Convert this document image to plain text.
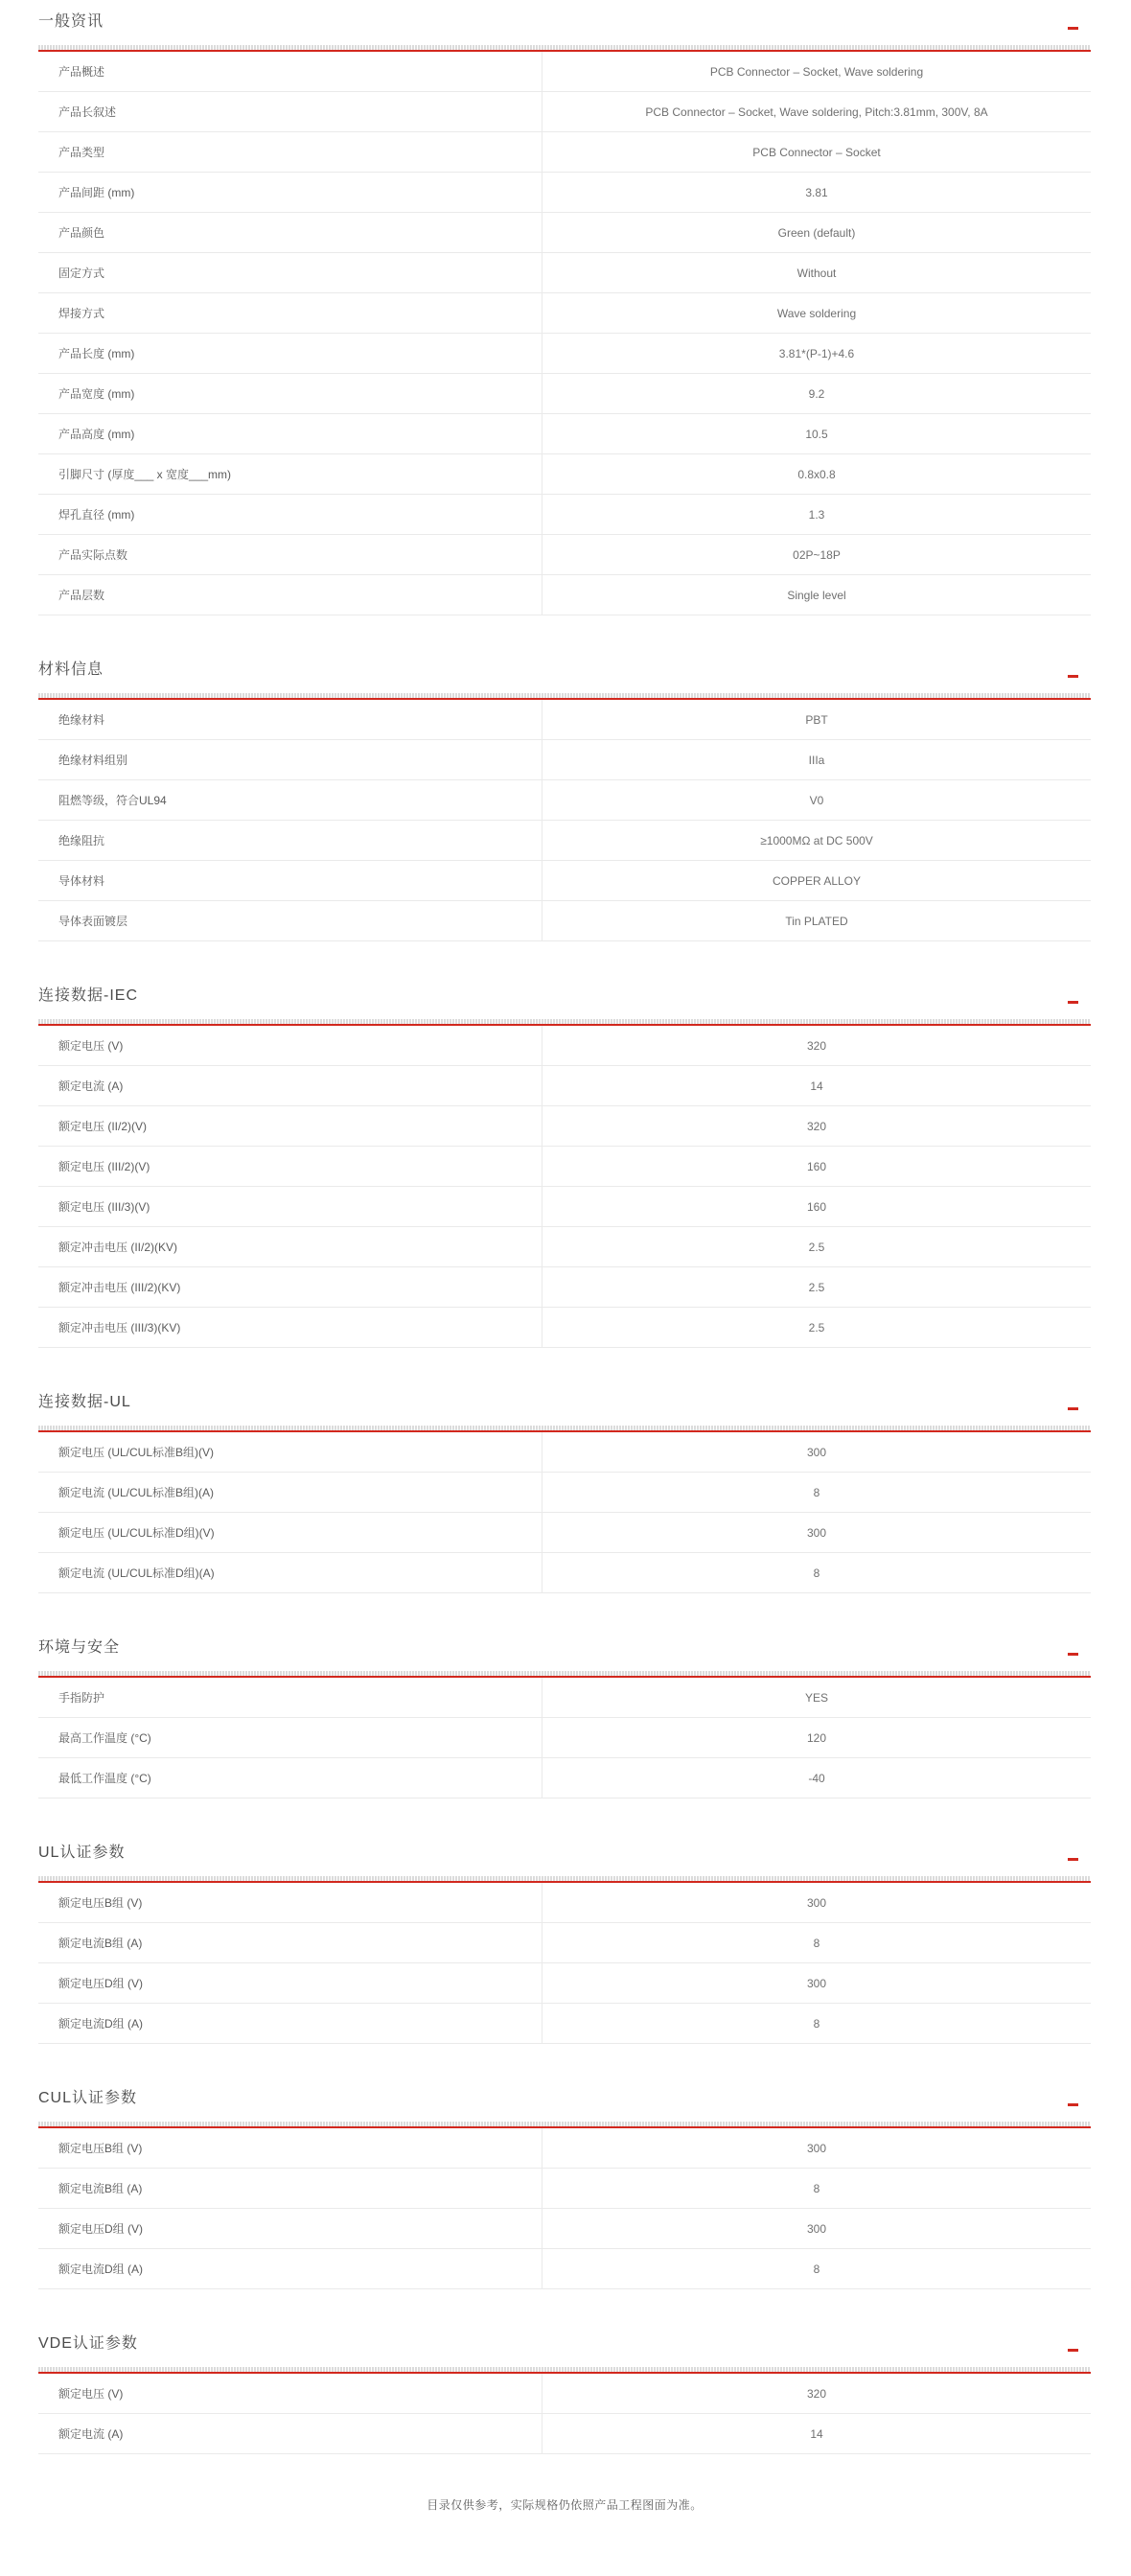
一般资讯
产品概述	PCB Connector – Socket, Wave soldering
产品长叙述	PCB Connector – Socket, Wave soldering, Pitch:3.81mm, 300V, 8A
产品类型	PCB Connector – Socket
产品间距 (mm)	3.81
产品颜色	Green (default)
固定方式	Without
焊接方式	Wave soldering
产品长度 (mm)	3.81*(P-1)+4.6
产品宽度 (mm)	9.2
产品高度 (mm)	10.5
引脚尺寸 (厚度___ x 宽度___mm)	0.8x0.8
焊孔直径 (mm)	1.3
产品实际点数	02P~18P
产品层数	Single level
材料信息
绝缘材料	PBT
绝缘材料组别	IIIa
阻燃等级，符合UL94	V0
绝缘阻抗	≥1000MΩ at DC 500V
导体材料	COPPER ALLOY
导体表面镀层	Tin PLATED
连接数据-IEC
额定电压 (V)	320
额定电流 (A)	14
额定电压 (II/2)(V)	320
额定电压 (III/2)(V)	160
额定电压 (III/3)(V)	160
额定冲击电压 (II/2)(KV)	2.5
额定冲击电压 (III/2)(KV)	2.5
额定冲击电压 (III/3)(KV)	2.5
连接数据-UL
额定电压 (UL/CUL标准B组)(V)	300
额定电流 (UL/CUL标准B组)(A)	8
额定电压 (UL/CUL标准D组)(V)	300
额定电流 (UL/CUL标准D组)(A)	8
环境与安全
手指防护	YES
最高工作温度 (°C)	120
最低工作温度 (°C)	-40
UL认证参数
额定电压B组 (V)	300
额定电流B组 (A)	8
额定电压D组 (V)	300
额定电流D组 (A)	8
CUL认证参数
额定电压B组 (V)	300
额定电流B组 (A)	8
额定电压D组 (V)	300
额定电流D组 (A)	8
VDE认证参数
额定电压 (V)	320
额定电流 (A)	14
目录仅供参考，实际规格仍依照产品工程图面为准。
